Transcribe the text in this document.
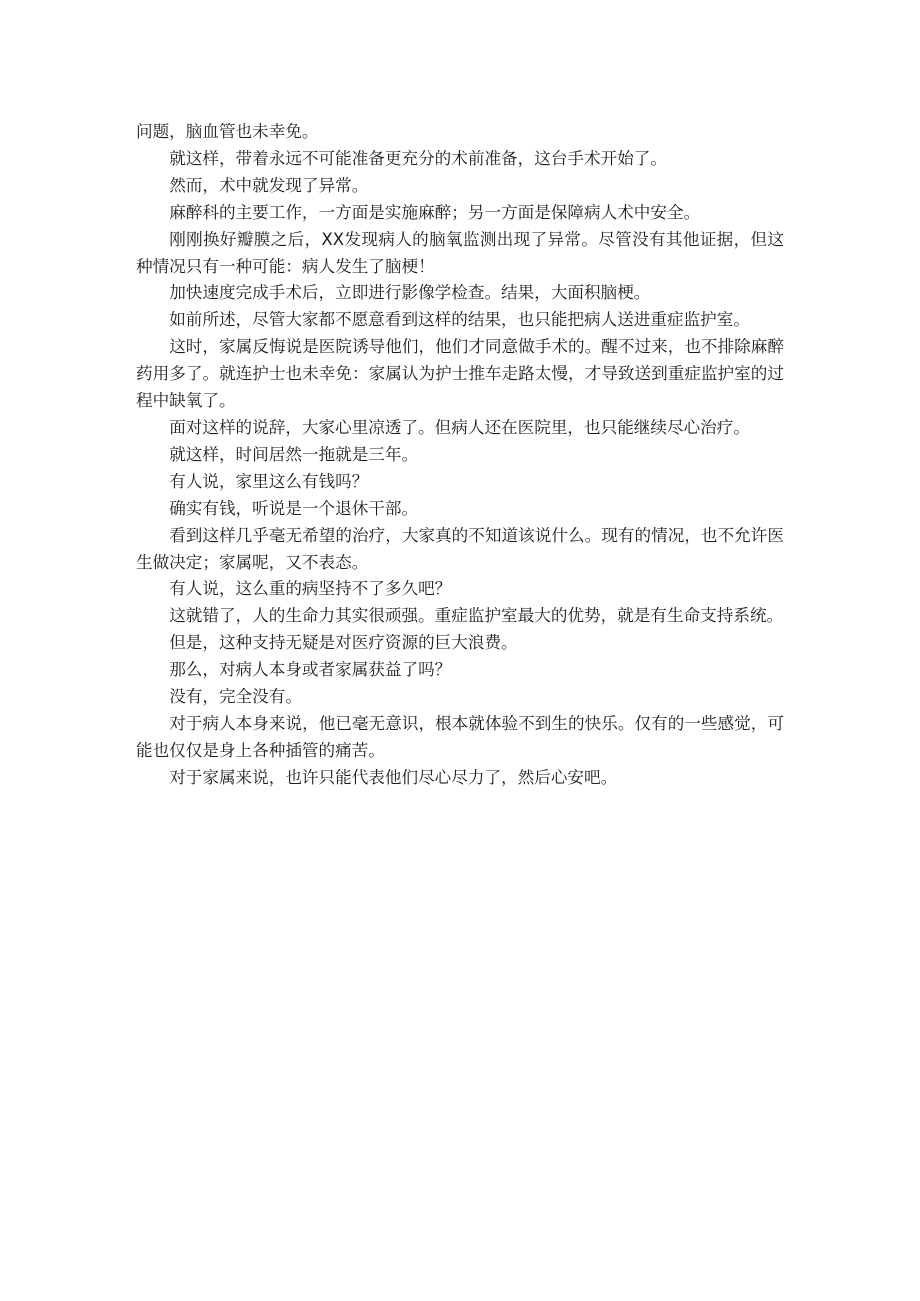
问题，脑血管也未幸免。

就这样，带着永远不可能准备更充分的术前准备，这台手术开始了。

然而，术中就发现了异常。

麻醉科的主要工作，一方面是实施麻醉；另一方面是保障病人术中安全。

刚刚换好瓣膜之后，XX发现病人的脑氧监测出现了异常。尽管没有其他证据，但这种情况只有一种可能：病人发生了脑梗！

加快速度完成手术后，立即进行影像学检查。结果，大面积脑梗。

如前所述，尽管大家都不愿意看到这样的结果，也只能把病人送进重症监护室。

这时，家属反悔说是医院诱导他们，他们才同意做手术的。醒不过来，也不排除麻醉药用多了。就连护士也未幸免：家属认为护士推车走路太慢，才导致送到重症监护室的过程中缺氧了。

面对这样的说辞，大家心里凉透了。但病人还在医院里，也只能继续尽心治疗。

就这样，时间居然一拖就是三年。

有人说，家里这么有钱吗？

确实有钱，听说是一个退休干部。

看到这样几乎毫无希望的治疗，大家真的不知道该说什么。现有的情况，也不允许医生做决定；家属呢，又不表态。

有人说，这么重的病坚持不了多久吧？

这就错了，人的生命力其实很顽强。重症监护室最大的优势，就是有生命支持系统。

但是，这种支持无疑是对医疗资源的巨大浪费。

那么，对病人本身或者家属获益了吗？

没有，完全没有。

对于病人本身来说，他已毫无意识，根本就体验不到生的快乐。仅有的一些感觉，可能也仅仅是身上各种插管的痛苦。

对于家属来说，也许只能代表他们尽心尽力了，然后心安吧。
